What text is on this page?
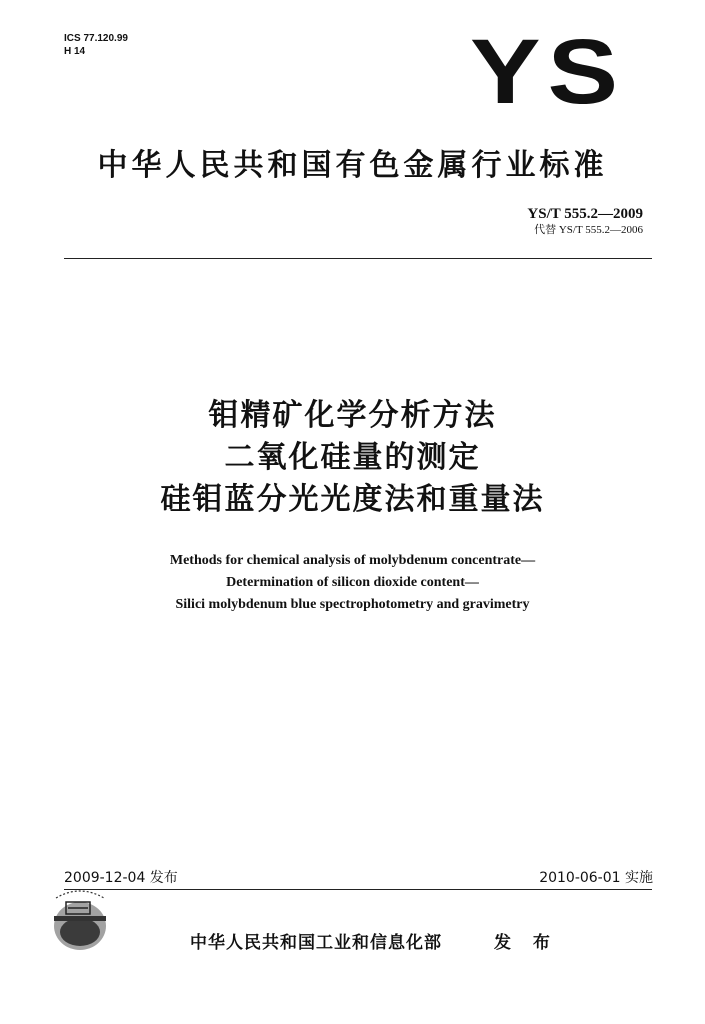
ICS 77.120.99
H 14	YS
中华人民共和国有色金属行业标准
YS/T 555.2—2009
代替 YS/T 555.2—2006
钼精矿化学分析方法
二氧化硅量的测定
硅钼蓝分光光度法和重量法
Methods for chemical analysis of molybdenum concentrate—
Determination of silicon dioxide content—
Silici molybdenum blue spectrophotometry and gravimetry
2009-12-04 发布	2010-06-01 实施
中华人民共和国工业和信息化部	发 布
